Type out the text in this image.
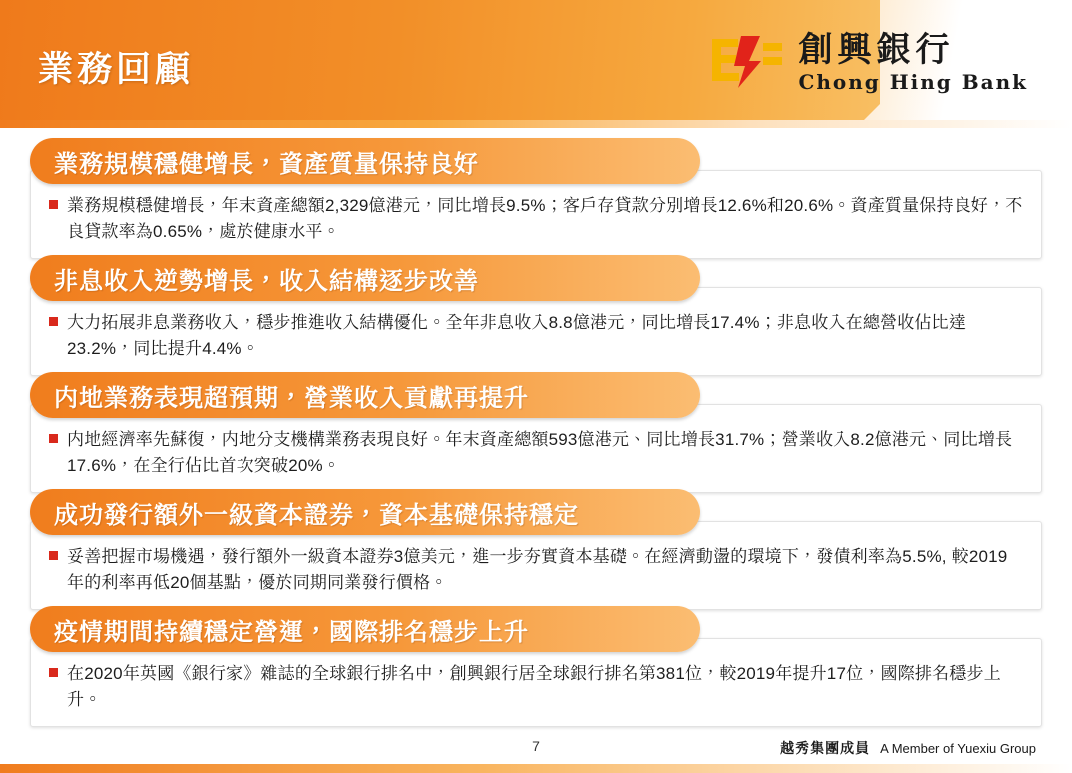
業務回顧	創興銀行
Chong Hing Bank
業務規模穩健增長，資產質量保持良好
業務規模穩健增長，年末資產總額2,329億港元，同比增長9.5%；客戶存貸款分別增長12.6%和20.6%。資產質量保持良好，不良貸款率為0.65%，處於健康水平。
非息收入逆勢增長，收入結構逐步改善
大力拓展非息業務收入，穩步推進收入結構優化。全年非息收入8.8億港元，同比增長17.4%；非息收入在總營收佔比達23.2%，同比提升4.4%。
内地業務表現超預期，營業收入貢獻再提升
内地經濟率先蘇復，内地分支機構業務表現良好。年末資產總額593億港元、同比增長31.7%；營業收入8.2億港元、同比增長17.6%，在全行佔比首次突破20%。
成功發行額外一級資本證券，資本基礎保持穩定
妥善把握市場機遇，發行額外一級資本證券3億美元，進一步夯實資本基礎。在經濟動盪的環境下，發債利率為5.5%, 較2019年的利率再低20個基點，優於同期同業發行價格。
疫情期間持續穩定營運，國際排名穩步上升
在2020年英國《銀行家》雜誌的全球銀行排名中，創興銀行居全球銀行排名第381位，較2019年提升17位，國際排名穩步上升。
7	越秀集團成員 A Member of Yuexiu Group
